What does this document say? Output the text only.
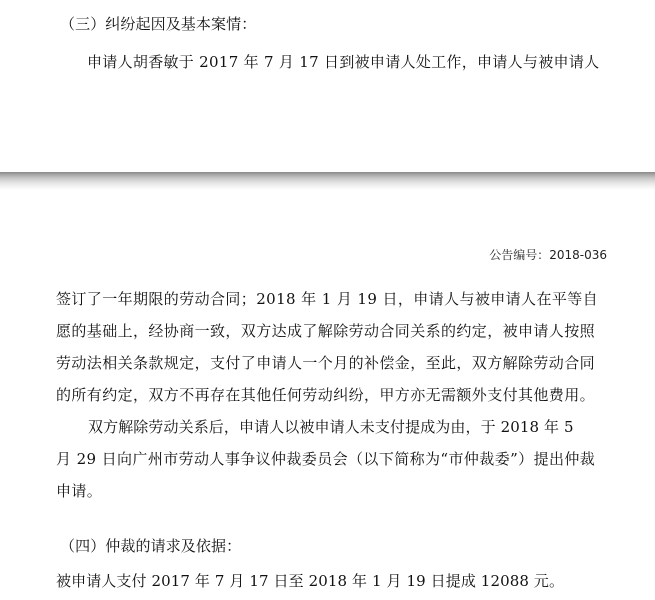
（三）纠纷起因及基本案情：
申请人胡香敏于 2017 年 7 月 17 日到被申请人处工作，申请人与被申请人
公告编号：2018-036
签订了一年期限的劳动合同；2018 年 1 月 19 日，申请人与被申请人在平等自
愿的基础上，经协商一致，双方达成了解除劳动合同关系的约定，被申请人按照
劳动法相关条款规定，支付了申请人一个月的补偿金，至此，双方解除劳动合同
的所有约定，双方不再存在其他任何劳动纠纷，甲方亦无需额外支付其他费用。
双方解除劳动关系后，申请人以被申请人未支付提成为由，于 2018 年 5
月 29 日向广州市劳动人事争议仲裁委员会（以下简称为“市仲裁委”）提出仲裁
申请。
（四）仲裁的请求及依据：
被申请人支付 2017 年 7 月 17 日至 2018 年 1 月 19 日提成 12088 元。
